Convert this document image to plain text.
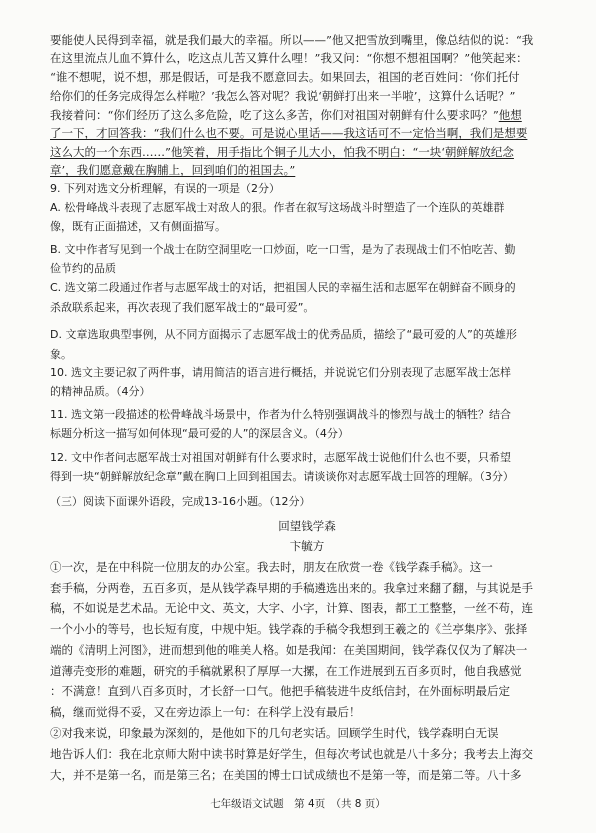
要能使人民得到幸福，就是我们最大的幸福。所以——”他又把雪放到嘴里，像总结似的说：“我
在这里流点儿血不算什么，吃这点儿苦又算什么哩！”我又问：“你想不想祖国啊？”他笑起来：
“谁不想呢，说不想，那是假话，可是我不愿意回去。如果回去，祖国的老百姓问：‘你们托付
给你们的任务完成得怎么样啦？’我怎么答对呢？我说‘朝鲜打出来一半啦’，这算什么话呢？”
我接着问：“你们经历了这么多危险，吃了这么多苦，你们对祖国对朝鲜有什么要求吗？”他想
了一下，才回答我：“我们什么也不要。可是说心里话——我这话可不一定恰当啊，我们是想要
这么大的一个东西……”他笑着，用手指比个铜子儿大小，怕我不明白：“一块‘朝鲜解放纪念
章’，我们愿意戴在胸脯上，回到咱们的祖国去。”
9. 下列对选文分析理解，有误的一项是（2分）
A. 松骨峰战斗表现了志愿军战士对敌人的狠。作者在叙写这场战斗时塑造了一个连队的英雄群
像，既有正面描述，又有侧面描写。
B. 文中作者写见到一个战士在防空洞里吃一口炒面，吃一口雪，是为了表现战士们不怕吃苦、勤
俭节约的品质
C. 选文第二段通过作者与志愿军战士的对话，把祖国人民的幸福生活和志愿军在朝鲜奋不顾身的
杀敌联系起来，再次表现了我们愿军战士的“最可爱”。
D. 文章选取典型事例，从不同方面揭示了志愿军战士的优秀品质，描绘了“最可爱的人”的英雄形
象。
10. 选文主要记叙了两件事，请用简洁的语言进行概括，并说说它们分别表现了志愿军战士怎样
的精神品质。（4分）
11. 选文第一段描述的松骨峰战斗场景中，作者为什么特别强调战斗的惨烈与战士的牺牲？结合
标题分析这一描写如何体现“最可爱的人”的深层含义。（4分）
12. 文中作者问志愿军战士对祖国对朝鲜有什么要求时，志愿军战士说他们什么也不要，只希望
得到一块“朝鲜解放纪念章”戴在胸口上回到祖国去。请谈谈你对志愿军战士回答的理解。（3分）
（三）阅读下面课外语段，完成13-16小题。（12分）
回望钱学森
卞毓方
①一次，是在中科院一位朋友的办公室。我去时，朋友在欣赏一卷《钱学森手稿》。这一
套手稿，分两卷，五百多页，是从钱学森早期的手稿遴选出来的。我拿过来翻了翻，与其说是手
稿，不如说是艺术品。无论中文、英文，大字、小字，计算、图表，都工工整整，一丝不苟，连
一个小小的等号，也长短有度，中规中矩。钱学森的手稿令我想到王羲之的《兰亭集序》、张择
端的《清明上河图》，进而想到他的唯美人格。如是我闻：在美国期间，钱学森仅仅为了解决一
道薄壳变形的难题，研究的手稿就累积了厚厚一大摞，在工作进展到五百多页时，他自我感觉
：不满意！直到八百多页时，才长舒一口气。他把手稿装进牛皮纸信封，在外面标明最后定
稿，继而觉得不妥，又在旁边添上一句：在科学上没有最后！
②对我来说，印象最为深刻的，是他如下的几句老实话。回顾学生时代，钱学森明白无误
地告诉人们：我在北京师大附中读书时算是好学生，但每次考试也就是八十多分；我考去上海交
大，并不是第一名，而是第三名；在美国的博士口试成绩也不是第一等，而是第二等。八十多
七年级语文试题　第 4页　（共 8 页）
